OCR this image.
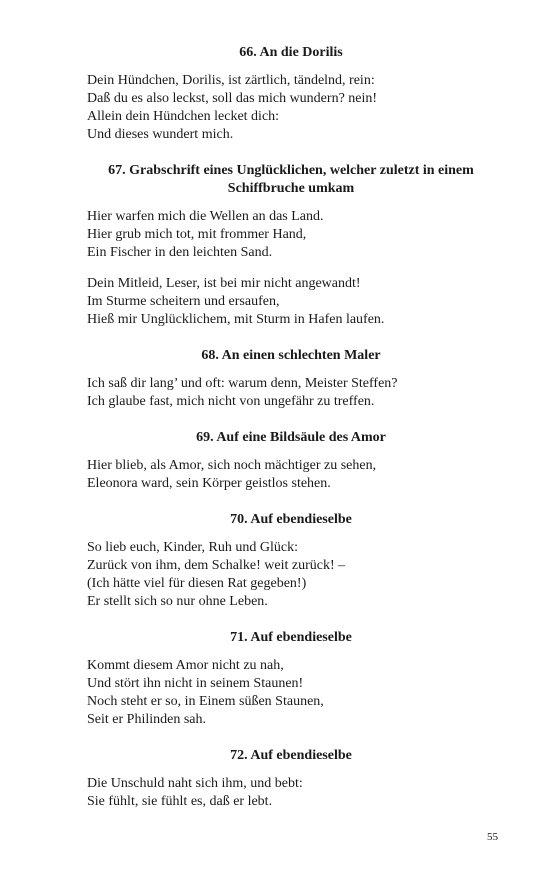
66. An die Dorilis

Dein Hündchen, Dorilis, ist zärtlich, tändelnd, rein:
Daß du es also leckst, soll das mich wundern? nein!
Allein dein Hündchen lecket dich:
Und dieses wundert mich.

67. Grabschrift eines Unglücklichen, welcher zuletzt in einem Schiffbruche umkam

Hier warfen mich die Wellen an das Land.
Hier grub mich tot, mit frommer Hand,
Ein Fischer in den leichten Sand.

Dein Mitleid, Leser, ist bei mir nicht angewandt!
Im Sturme scheitern und ersaufen,
Hieß mir Unglücklichem, mit Sturm in Hafen laufen.

68. An einen schlechten Maler

Ich saß dir lang’ und oft: warum denn, Meister Steffen?
Ich glaube fast, mich nicht von ungefähr zu treffen.

69. Auf eine Bildsäule des Amor

Hier blieb, als Amor, sich noch mächtiger zu sehen,
Eleonora ward, sein Körper geistlos stehen.

70. Auf ebendieselbe

So lieb euch, Kinder, Ruh und Glück:
Zurück von ihm, dem Schalke! weit zurück! –
(Ich hätte viel für diesen Rat gegeben!)
Er stellt sich so nur ohne Leben.

71. Auf ebendieselbe

Kommt diesem Amor nicht zu nah,
Und stört ihn nicht in seinem Staunen!
Noch steht er so, in Einem süßen Staunen,
Seit er Philinden sah.

72. Auf ebendieselbe

Die Unschuld naht sich ihm, und bebt:
Sie fühlt, sie fühlt es, daß er lebt.

55
